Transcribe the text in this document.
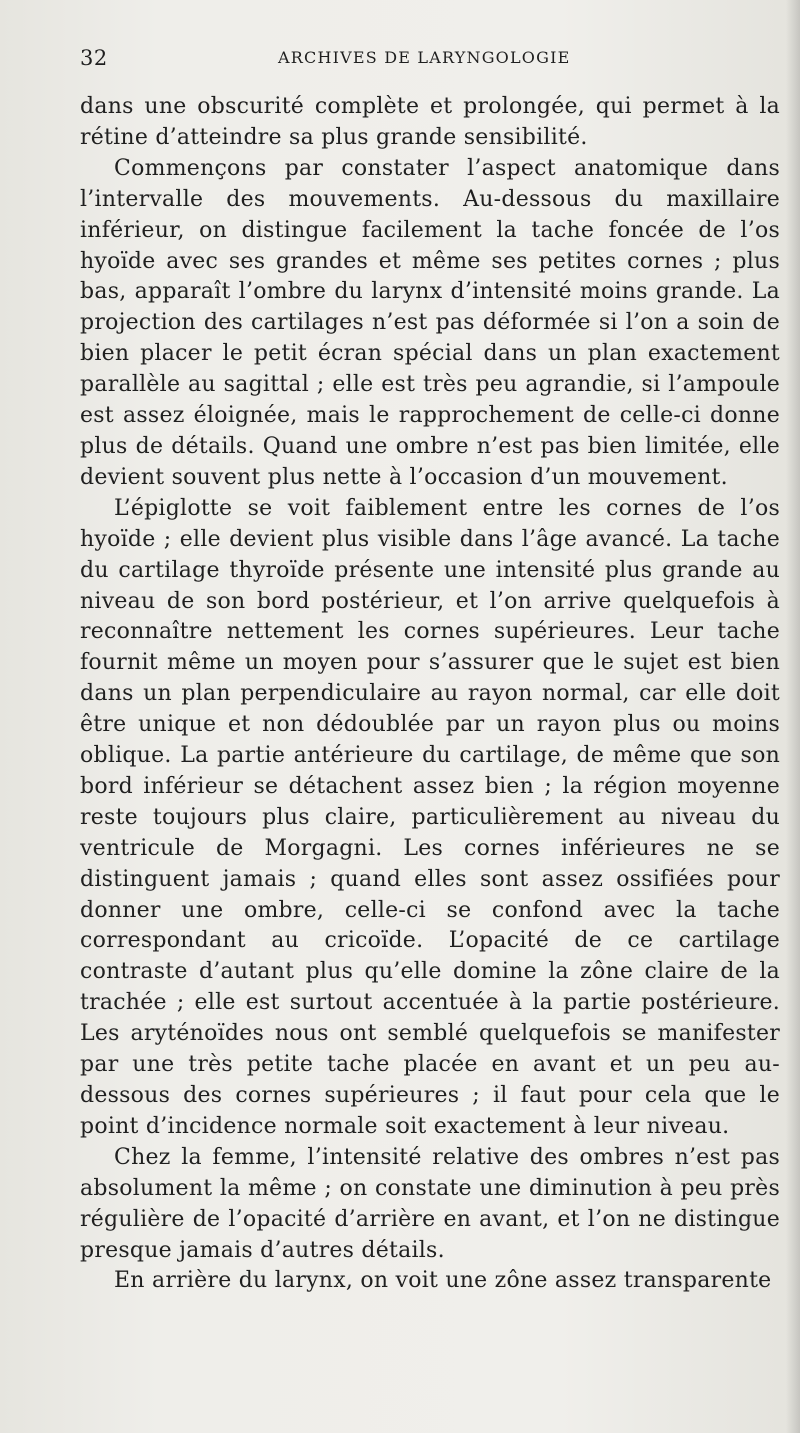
32	ARCHIVES DE LARYNGOLOGIE

dans une obscurité complète et prolongée, qui permet à la rétine d’atteindre sa plus grande sensibilité.

Commençons par constater l’aspect anatomique dans l’intervalle des mouvements. Au-dessous du maxillaire inférieur, on distingue facilement la tache foncée de l’os hyoïde avec ses grandes et même ses petites cornes ; plus bas, apparaît l’ombre du larynx d’intensité moins grande. La projection des cartilages n’est pas déformée si l’on a soin de bien placer le petit écran spécial dans un plan exactement parallèle au sagittal ; elle est très peu agrandie, si l’ampoule est assez éloignée, mais le rapprochement de celle-ci donne plus de détails. Quand une ombre n’est pas bien limitée, elle devient souvent plus nette à l’occasion d’un mouvement.

L’épiglotte se voit faiblement entre les cornes de l’os hyoïde ; elle devient plus visible dans l’âge avancé. La tache du cartilage thyroïde présente une intensité plus grande au niveau de son bord postérieur, et l’on arrive quelquefois à reconnaître nettement les cornes supérieures. Leur tache fournit même un moyen pour s’assurer que le sujet est bien dans un plan perpendiculaire au rayon normal, car elle doit être unique et non dédoublée par un rayon plus ou moins oblique. La partie antérieure du cartilage, de même que son bord inférieur se détachent assez bien ; la région moyenne reste toujours plus claire, particulièrement au niveau du ventricule de Morgagni. Les cornes inférieures ne se distinguent jamais ; quand elles sont assez ossifiées pour donner une ombre, celle-ci se confond avec la tache correspondant au cricoïde. L’opacité de ce cartilage contraste d’autant plus qu’elle domine la zône claire de la trachée ; elle est surtout accentuée à la partie postérieure. Les aryténoïdes nous ont semblé quelquefois se manifester par une très petite tache placée en avant et un peu au-dessous des cornes supérieures ; il faut pour cela que le point d’incidence normale soit exactement à leur niveau.

Chez la femme, l’intensité relative des ombres n’est pas absolument la même ; on constate une diminution à peu près régulière de l’opacité d’arrière en avant, et l’on ne distingue presque jamais d’autres détails.

En arrière du larynx, on voit une zône assez transparente
